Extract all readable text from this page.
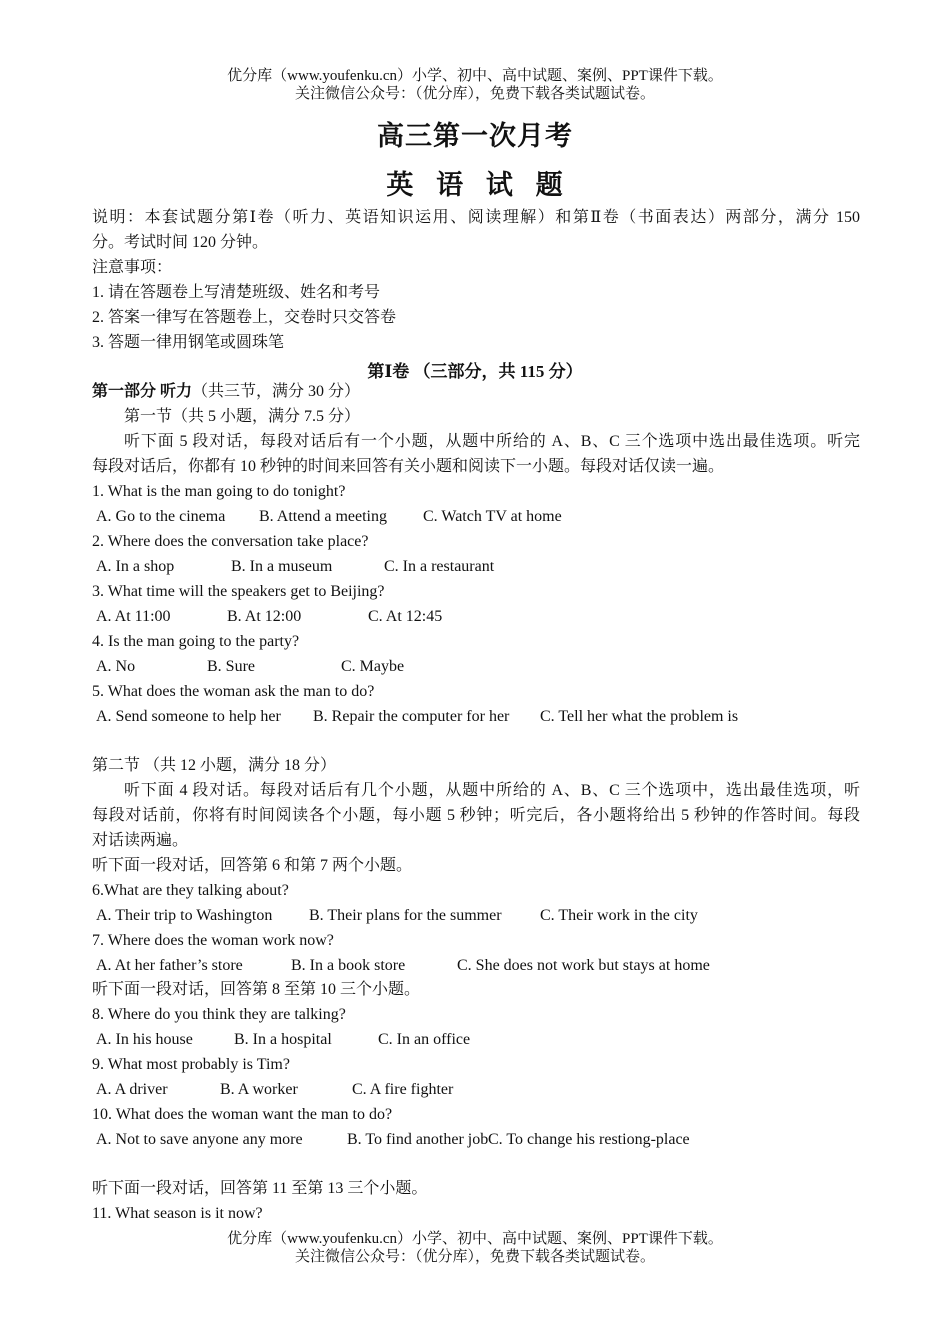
优分库（www.youfenku.cn）小学、初中、高中试题、案例、PPT课件下载。
关注微信公众号：（优分库），免费下载各类试题试卷。
高三第一次月考
英 语 试 题
说明：本套试题分第Ⅰ卷（听力、英语知识运用、阅读理解）和第Ⅱ卷（书面表达）两部分，满分 150
分。考试时间 120 分钟。
注意事项：
1. 请在答题卷上写清楚班级、姓名和考号
2. 答案一律写在答题卷上，交卷时只交答卷
3. 答题一律用钢笔或圆珠笔
第Ⅰ卷 （三部分，共 115 分）
第一部分 听力（共三节，满分 30 分）
第一节（共 5 小题，满分 7.5 分）
听下面 5 段对话，每段对话后有一个小题，从题中所给的 A、B、C 三个选项中选出最佳选项。听完
每段对话后，你都有 10 秒钟的时间来回答有关小题和阅读下一小题。每段对话仅读一遍。
1. What is the man going to do tonight?
A. Go to the cinema B. Attend a meeting C. Watch TV at home
2. Where does the conversation take place?
A. In a shop	B. In a museum	C. In a restaurant
3. What time will the speakers get to Beijing?
A. At 11:00	B. At 12:00	C. At 12:45
4. Is the man going to the party?
A. No	B. Sure	C. Maybe
5. What does the woman ask the man to do?
A. Send someone to help her B. Repair the computer for her C. Tell her what the problem is
第二节 （共 12 小题，满分 18 分）
听下面 4 段对话。每段对话后有几个小题，从题中所给的 A、B、C 三个选项中，选出最佳选项，听
每段对话前，你将有时间阅读各个小题，每小题 5 秒钟；听完后，各小题将给出 5 秒钟的作答时间。每段
对话读两遍。
听下面一段对话，回答第 6 和第 7 两个小题。
6.What are they talking about?
A. Their trip to Washington B. Their plans for the summer C. Their work in the city
7. Where does the woman work now?
A. At her father’s store	B. In a book store	C. She does not work but stays at home
听下面一段对话，回答第 8 至第 10 三个小题。
8. Where do you think they are talking?
A. In his house	B. In a hospital	C. In an office
9. What most probably is Tim?
A. A driver	B. A worker	C. A fire fighter
10. What does the woman want the man to do?
A. Not to save anyone any more	B. To find another job C. To change his restiong-place
听下面一段对话，回答第 11 至第 13 三个小题。
11. What season is it now?
优分库（www.youfenku.cn）小学、初中、高中试题、案例、PPT课件下载。
关注微信公众号：（优分库），免费下载各类试题试卷。
